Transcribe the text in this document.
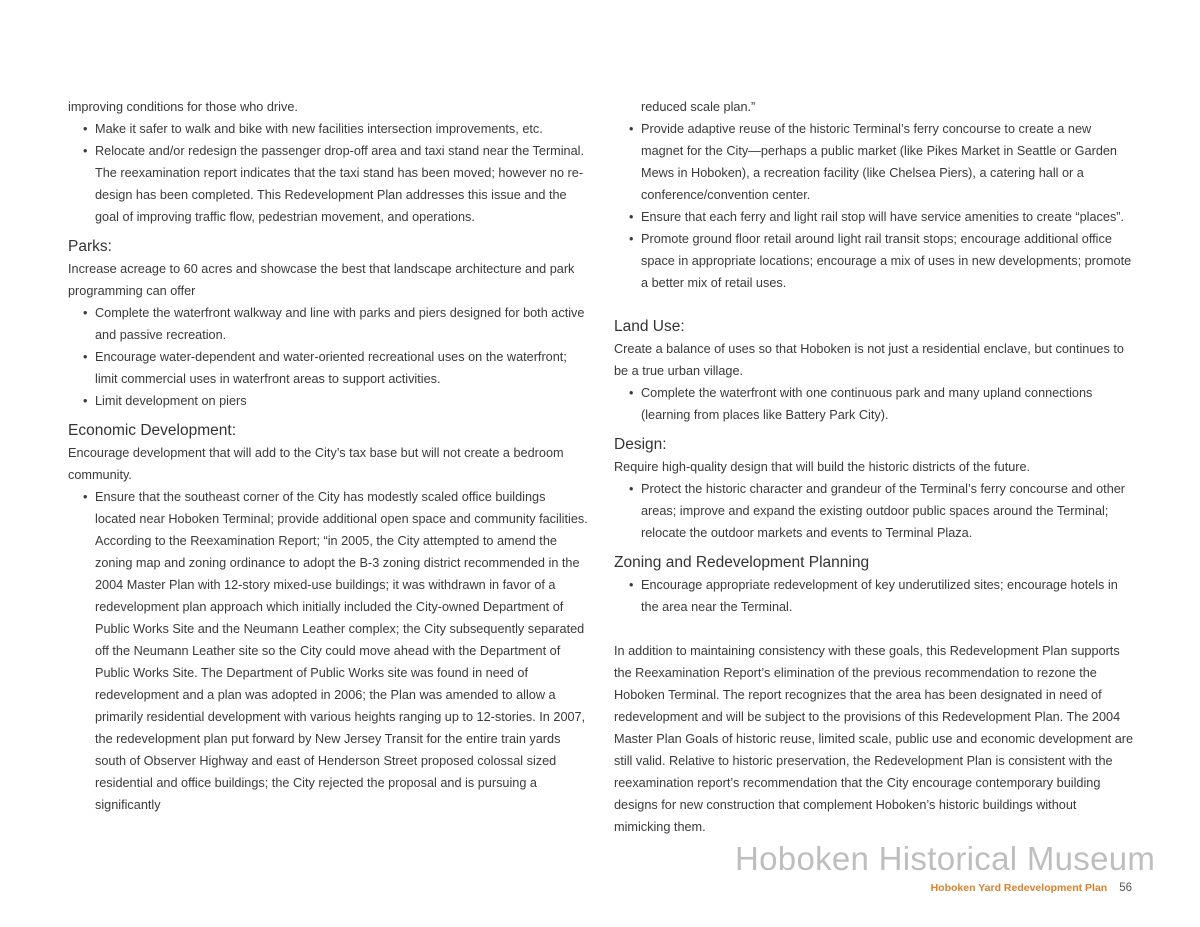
improving conditions for those who drive.

• Make it safer to walk and bike with new facilities intersection improvements, etc.
• Relocate and/or redesign the passenger drop-off area and taxi stand near the Terminal. The reexamination report indicates that the taxi stand has been moved; however no re-design has been completed. This Redevelopment Plan addresses this issue and the goal of improving traffic flow, pedestrian movement, and operations.
Parks:

Increase acreage to 60 acres and showcase the best that landscape architecture and park programming can offer

• Complete the waterfront walkway and line with parks and piers designed for both active and passive recreation.
• Encourage water-dependent and water-oriented recreational uses on the waterfront; limit commercial uses in waterfront areas to support activities.
• Limit development on piers
Economic Development:

Encourage development that will add to the City’s tax base but will not create a bedroom community.

• Ensure that the southeast corner of the City has modestly scaled office buildings located near Hoboken Terminal; provide additional open space and community facilities. According to the Reexamination Report; “in 2005, the City attempted to amend the zoning map and zoning ordinance to adopt the B-3 zoning district recommended in the 2004 Master Plan with 12-story mixed-use buildings; it was withdrawn in favor of a redevelopment plan approach which initially included the City-owned Department of Public Works Site and the Neumann Leather complex; the City subsequently separated off the Neumann Leather site so the City could move ahead with the Department of Public Works Site. The Department of Public Works site was found in need of redevelopment and a plan was adopted in 2006; the Plan was amended to allow a primarily residential development with various heights ranging up to 12-stories. In 2007, the redevelopment plan put forward by New Jersey Transit for the entire train yards south of Observer Highway and east of Henderson Street proposed colossal sized residential and office buildings; the City rejected the proposal and is pursuing a significantly

reduced scale plan.”

• Provide adaptive reuse of the historic Terminal’s ferry concourse to create a new magnet for the City—perhaps a public market (like Pikes Market in Seattle or Garden Mews in Hoboken), a recreation facility (like Chelsea Piers), a catering hall or a conference/convention center.
• Ensure that each ferry and light rail stop will have service amenities to create “places”.
• Promote ground floor retail around light rail transit stops; encourage additional office space in appropriate locations; encourage a mix of uses in new developments; promote a better mix of retail uses.
Land Use:

Create a balance of uses so that Hoboken is not just a residential enclave, but continues to be a true urban village.

• Complete the waterfront with one continuous park and many upland connections (learning from places like Battery Park City).
Design:

Require high-quality design that will build the historic districts of the future.

• Protect the historic character and grandeur of the Terminal’s ferry concourse and other areas; improve and expand the existing outdoor public spaces around the Terminal; relocate the outdoor markets and events to Terminal Plaza.
Zoning and Redevelopment Planning
• Encourage appropriate redevelopment of key underutilized sites; encourage hotels in the area near the Terminal.

In addition to maintaining consistency with these goals, this Redevelopment Plan supports the Reexamination Report’s elimination of the previous recommendation to rezone the Hoboken Terminal. The report recognizes that the area has been designated in need of redevelopment and will be subject to the provisions of this Redevelopment Plan. The 2004 Master Plan Goals of historic reuse, limited scale, public use and economic development are still valid. Relative to historic preservation, the Redevelopment Plan is consistent with the reexamination report’s recommendation that the City encourage contemporary building designs for new construction that complement Hoboken’s historic buildings without mimicking them.

Hoboken Historical Museum
Hoboken Yard Redevelopment Plan 56
